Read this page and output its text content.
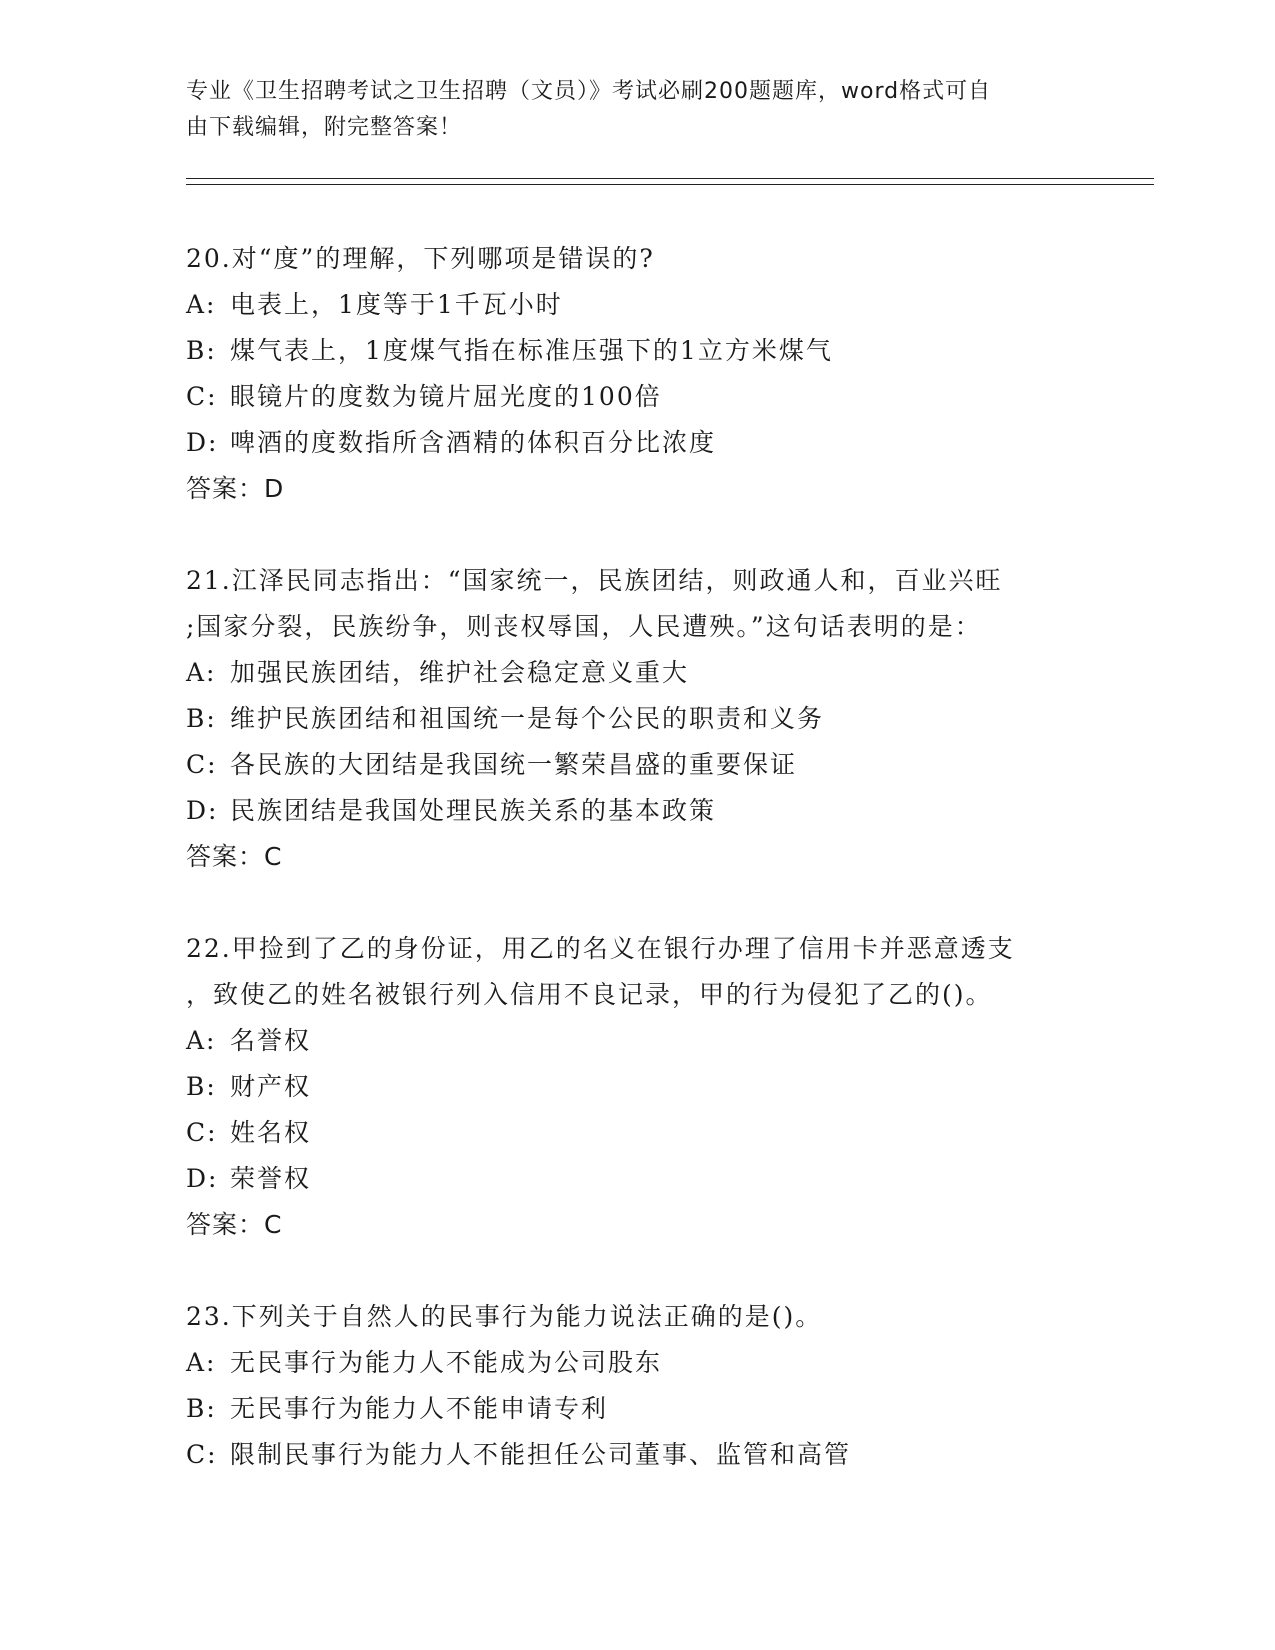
专业《卫生招聘考试之卫生招聘（文员）》考试必刷200题题库，word格式可自
由下载编辑，附完整答案！
20.对“度”的理解，下列哪项是错误的?
A: 电表上，1度等于1千瓦小时
B: 煤气表上，1度煤气指在标准压强下的1立方米煤气
C: 眼镜片的度数为镜片屈光度的100倍
D: 啤酒的度数指所含酒精的体积百分比浓度
答案：D
21.江泽民同志指出：“国家统一，民族团结，则政通人和，百业兴旺
;国家分裂，民族纷争，则丧权辱国，人民遭殃。”这句话表明的是：
A: 加强民族团结，维护社会稳定意义重大
B: 维护民族团结和祖国统一是每个公民的职责和义务
C: 各民族的大团结是我国统一繁荣昌盛的重要保证
D: 民族团结是我国处理民族关系的基本政策
答案：C
22.甲捡到了乙的身份证，用乙的名义在银行办理了信用卡并恶意透支
，致使乙的姓名被银行列入信用不良记录，甲的行为侵犯了乙的()。
A: 名誉权
B: 财产权
C: 姓名权
D: 荣誉权
答案：C
23.下列关于自然人的民事行为能力说法正确的是()。
A: 无民事行为能力人不能成为公司股东
B: 无民事行为能力人不能申请专利
C: 限制民事行为能力人不能担任公司董事、监管和高管
